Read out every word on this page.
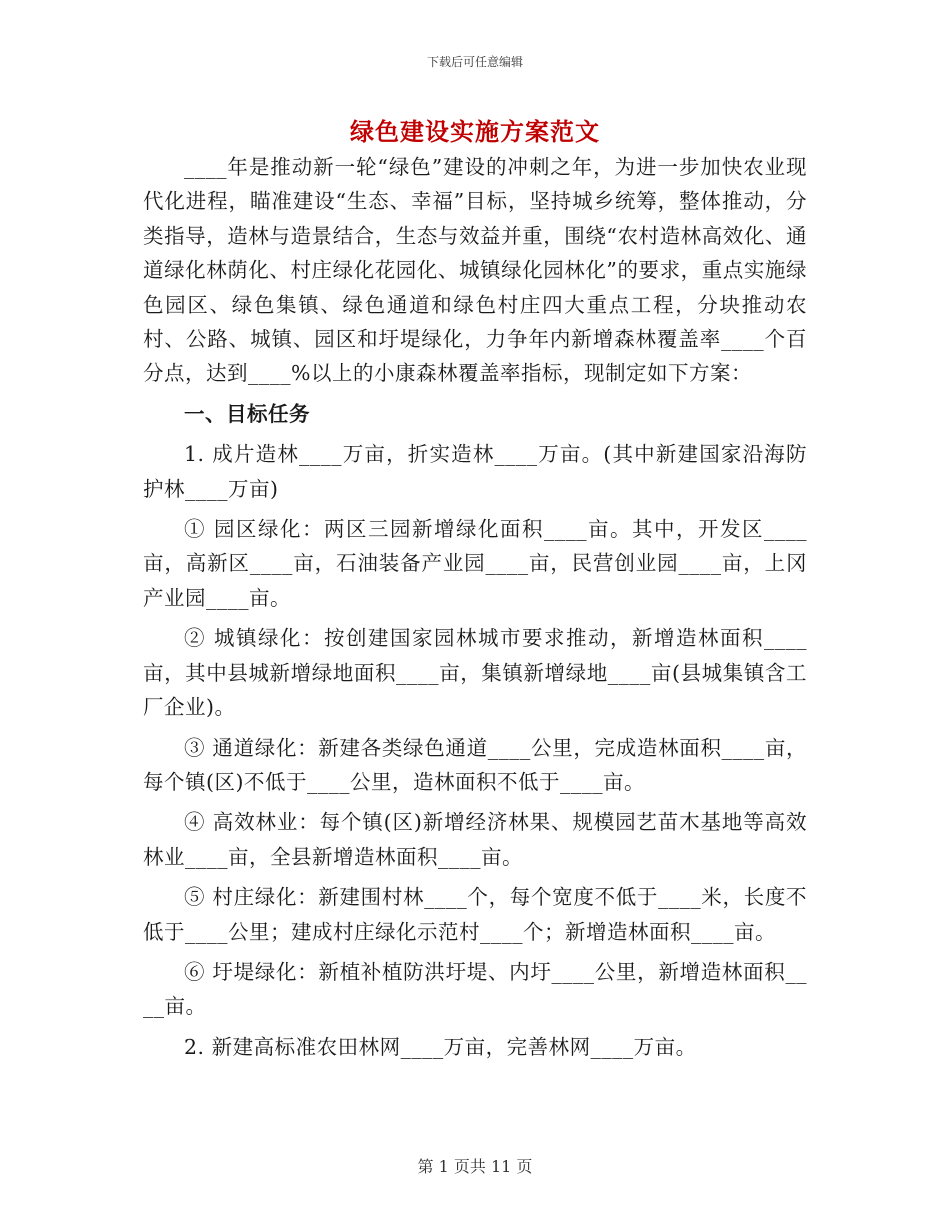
下载后可任意编辑
绿色建设实施方案范文

____年是推动新一轮“绿色”建设的冲刺之年，为进一步加快农业现代化进程，瞄准建设“生态、幸福”目标，坚持城乡统筹，整体推动，分类指导，造林与造景结合，生态与效益并重，围绕“农村造林高效化、通道绿化林荫化、村庄绿化花园化、城镇绿化园林化”的要求，重点实施绿色园区、绿色集镇、绿色通道和绿色村庄四大重点工程，分块推动农村、公路、城镇、园区和圩堤绿化，力争年内新增森林覆盖率____个百分点，达到____%以上的小康森林覆盖率指标，现制定如下方案：

一、目标任务

1. 成片造林____万亩，折实造林____万亩。(其中新建国家沿海防护林____万亩)

① 园区绿化：两区三园新增绿化面积____亩。其中，开发区____亩，高新区____亩，石油装备产业园____亩，民营创业园____亩，上冈产业园____亩。

② 城镇绿化：按创建国家园林城市要求推动，新增造林面积____亩，其中县城新增绿地面积____亩，集镇新增绿地____亩(县城集镇含工厂企业)。

③ 通道绿化：新建各类绿色通道____公里，完成造林面积____亩，每个镇(区)不低于____公里，造林面积不低于____亩。

④ 高效林业：每个镇(区)新增经济林果、规模园艺苗木基地等高效林业____亩，全县新增造林面积____亩。

⑤ 村庄绿化：新建围村林____个，每个宽度不低于____米，长度不低于____公里；建成村庄绿化示范村____个；新增造林面积____亩。

⑥ 圩堤绿化：新植补植防洪圩堤、内圩____公里，新增造林面积____亩。

2. 新建高标准农田林网____万亩，完善林网____万亩。

第 1 页共 11 页
